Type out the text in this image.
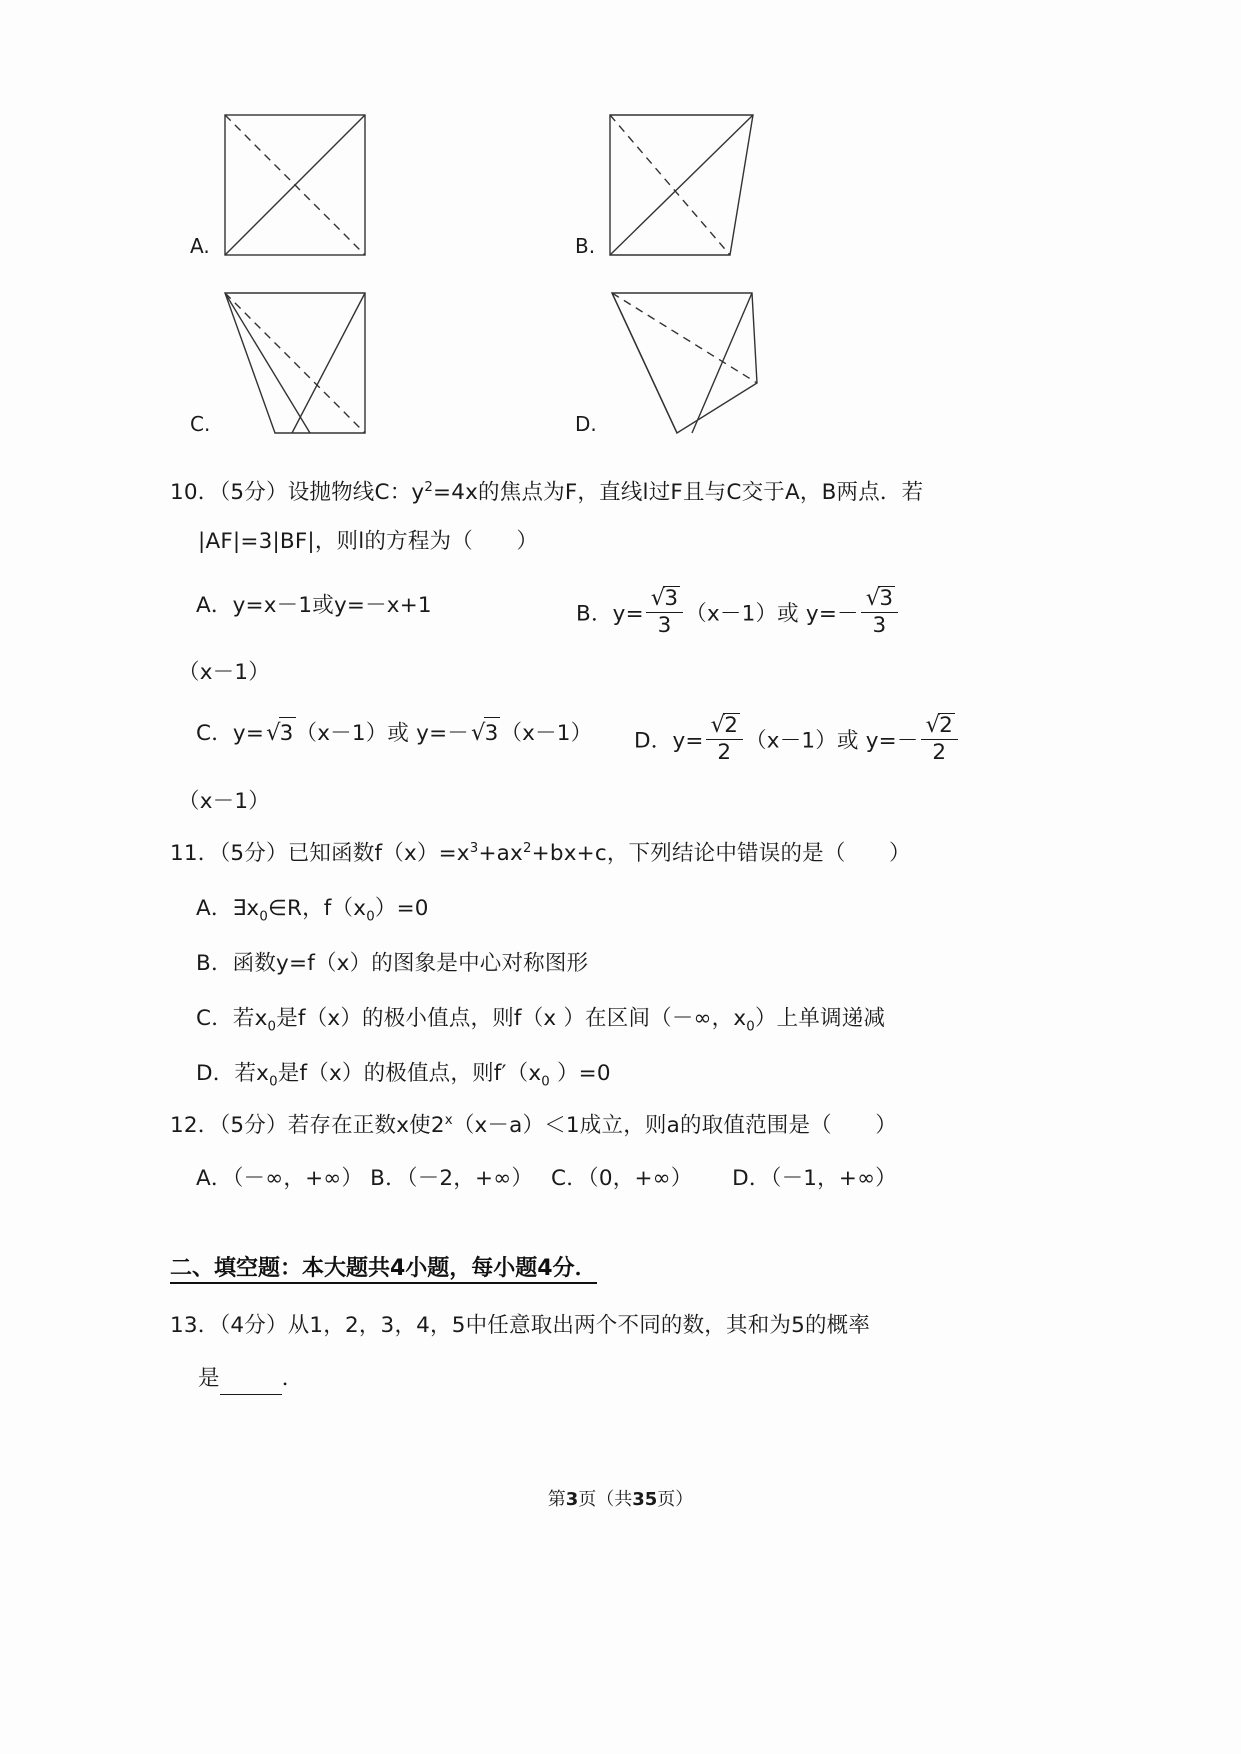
A.	B.
C.	D.
10．（5分）设抛物线C：$y^2=4x$的焦点为F，直线l过F且与C交于A，B两点．若
|AF|=3|BF|，则l的方程为（　　）
A．y=x－1或y=－x+1	B．$y= \frac{√3}{3} (x-1)$或 $y=- \frac{√3}{3}$
（x－1）
C．y=√3（x－1）或 y=－√3（x－1） D．$y= \frac{√2}{2} (x-1)$或 $y=- \frac{√2}{2}$
（x－1）
11．（5分）已知函数$f(x)=x^3+ax^2+bx+c$，下列结论中错误的是（　　）
A．$\exists x_0\in R$，$f(x_0)=0$
B．函数y=f（x）的图象是中心对称图形
C．若$x_0$是f（x）的极小值点，则f（x ）在区间（－∞，$x_0$）上单调递减
D．若$x_0$是f（x）的极值点，则$f'(x_0$ ）=0
12．（5分）若存在正数x使$2^x(x-a)<1$成立，则a的取值范围是（　　）
A．（－∞，+∞） B．（－2，+∞）　 C．（0，+∞）　　 D．（－1，+∞）
二、填空题：本大题共4小题，每小题4分．
13．（4分）从1，2，3，4，5中任意取出两个不同的数，其和为5的概率
是	．
第3页（共35页）
